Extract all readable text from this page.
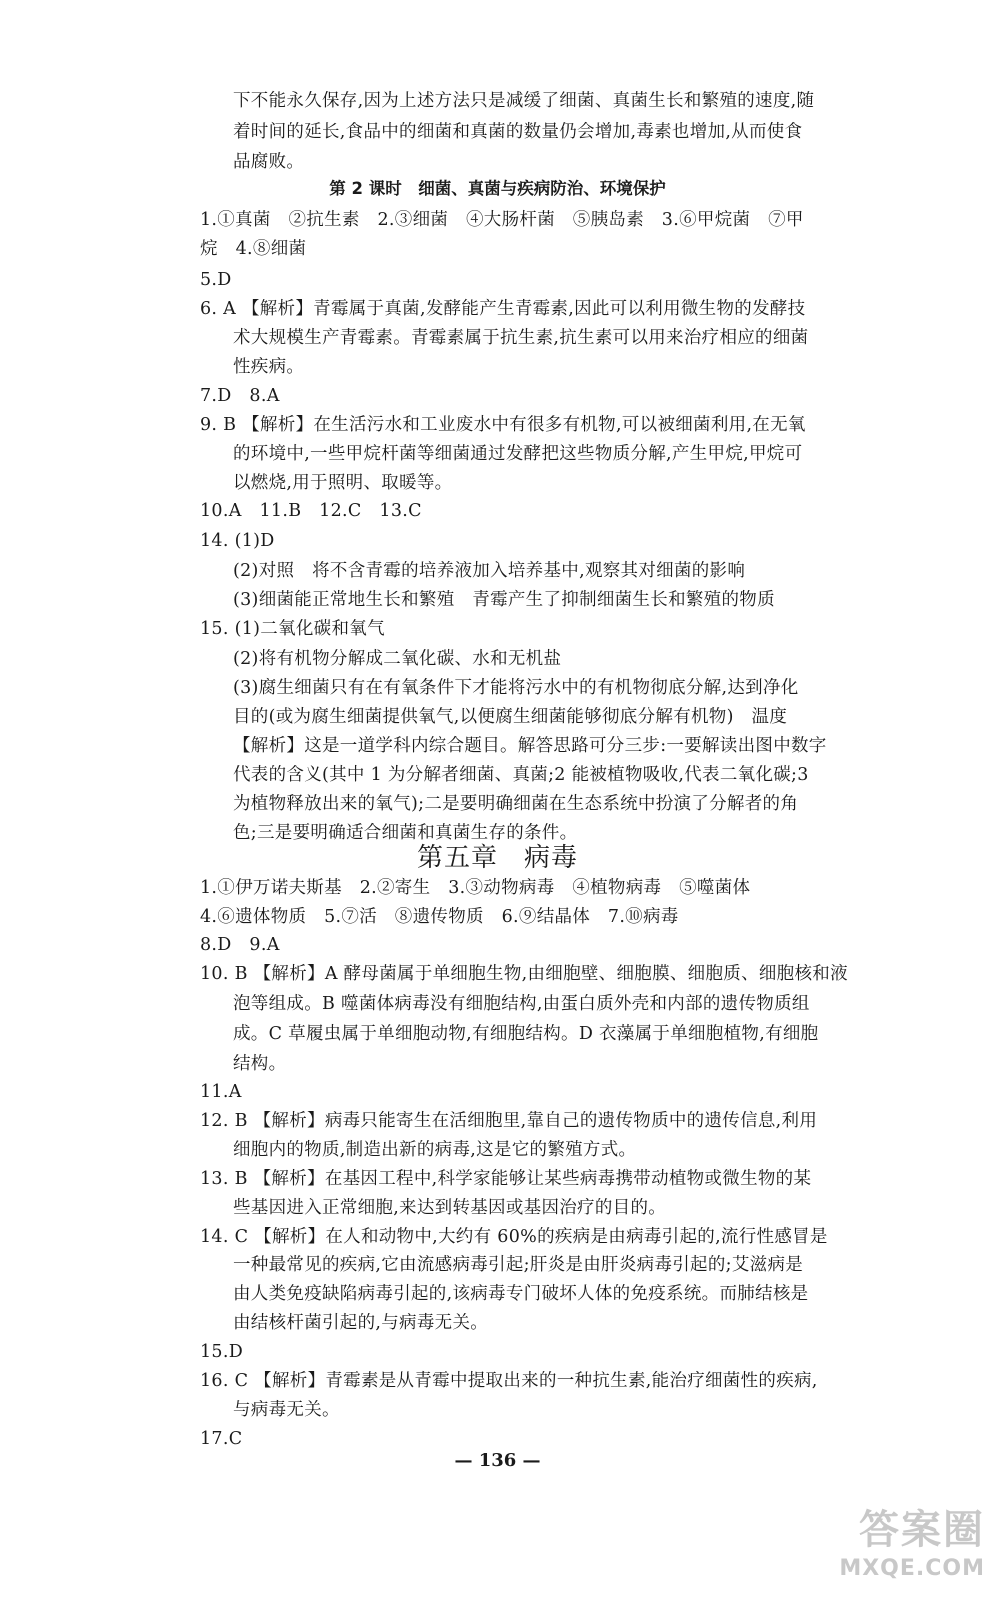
下不能永久保存,因为上述方法只是减缓了细菌、真菌生长和繁殖的速度,随
着时间的延长,食品中的细菌和真菌的数量仍会增加,毒素也增加,从而使食
品腐败。
第 2 课时　细菌、真菌与疾病防治、环境保护
1.①真菌　②抗生素　2.③细菌　④大肠杆菌　⑤胰岛素　3.⑥甲烷菌　⑦甲
烷　4.⑧细菌
5.D
6. A 【解析】青霉属于真菌,发酵能产生青霉素,因此可以利用微生物的发酵技
术大规模生产青霉素。青霉素属于抗生素,抗生素可以用来治疗相应的细菌
性疾病。
7.D　8.A
9. B 【解析】在生活污水和工业废水中有很多有机物,可以被细菌利用,在无氧
的环境中,一些甲烷杆菌等细菌通过发酵把这些物质分解,产生甲烷,甲烷可
以燃烧,用于照明、取暖等。
10.A　11.B　12.C　13.C
14. (1)D
(2)对照　将不含青霉的培养液加入培养基中,观察其对细菌的影响
(3)细菌能正常地生长和繁殖　青霉产生了抑制细菌生长和繁殖的物质
15. (1)二氧化碳和氧气
(2)将有机物分解成二氧化碳、水和无机盐
(3)腐生细菌只有在有氧条件下才能将污水中的有机物彻底分解,达到净化
目的(或为腐生细菌提供氧气,以便腐生细菌能够彻底分解有机物)　温度
【解析】这是一道学科内综合题目。解答思路可分三步:一要解读出图中数字
代表的含义(其中 1 为分解者细菌、真菌;2 能被植物吸收,代表二氧化碳;3
为植物释放出来的氧气);二是要明确细菌在生态系统中扮演了分解者的角
色;三是要明确适合细菌和真菌生存的条件。
第五章 病毒
1.①伊万诺夫斯基　2.②寄生　3.③动物病毒　④植物病毒　⑤噬菌体
4.⑥遗体物质　5.⑦活　⑧遗传物质　6.⑨结晶体　7.⑩病毒
8.D　9.A
10. B 【解析】A 酵母菌属于单细胞生物,由细胞壁、细胞膜、细胞质、细胞核和液
泡等组成。B 噬菌体病毒没有细胞结构,由蛋白质外壳和内部的遗传物质组
成。C 草履虫属于单细胞动物,有细胞结构。D 衣藻属于单细胞植物,有细胞
结构。
11.A
12. B 【解析】病毒只能寄生在活细胞里,靠自己的遗传物质中的遗传信息,利用
细胞内的物质,制造出新的病毒,这是它的繁殖方式。
13. B 【解析】在基因工程中,科学家能够让某些病毒携带动植物或微生物的某
些基因进入正常细胞,来达到转基因或基因治疗的目的。
14. C 【解析】在人和动物中,大约有 60%的疾病是由病毒引起的,流行性感冒是
一种最常见的疾病,它由流感病毒引起;肝炎是由肝炎病毒引起的;艾滋病是
由人类免疫缺陷病毒引起的,该病毒专门破坏人体的免疫系统。而肺结核是
由结核杆菌引起的,与病毒无关。
15.D
16. C 【解析】青霉素是从青霉中提取出来的一种抗生素,能治疗细菌性的疾病,
与病毒无关。
17.C
— 136 —
答案圈
MXQE.COM
